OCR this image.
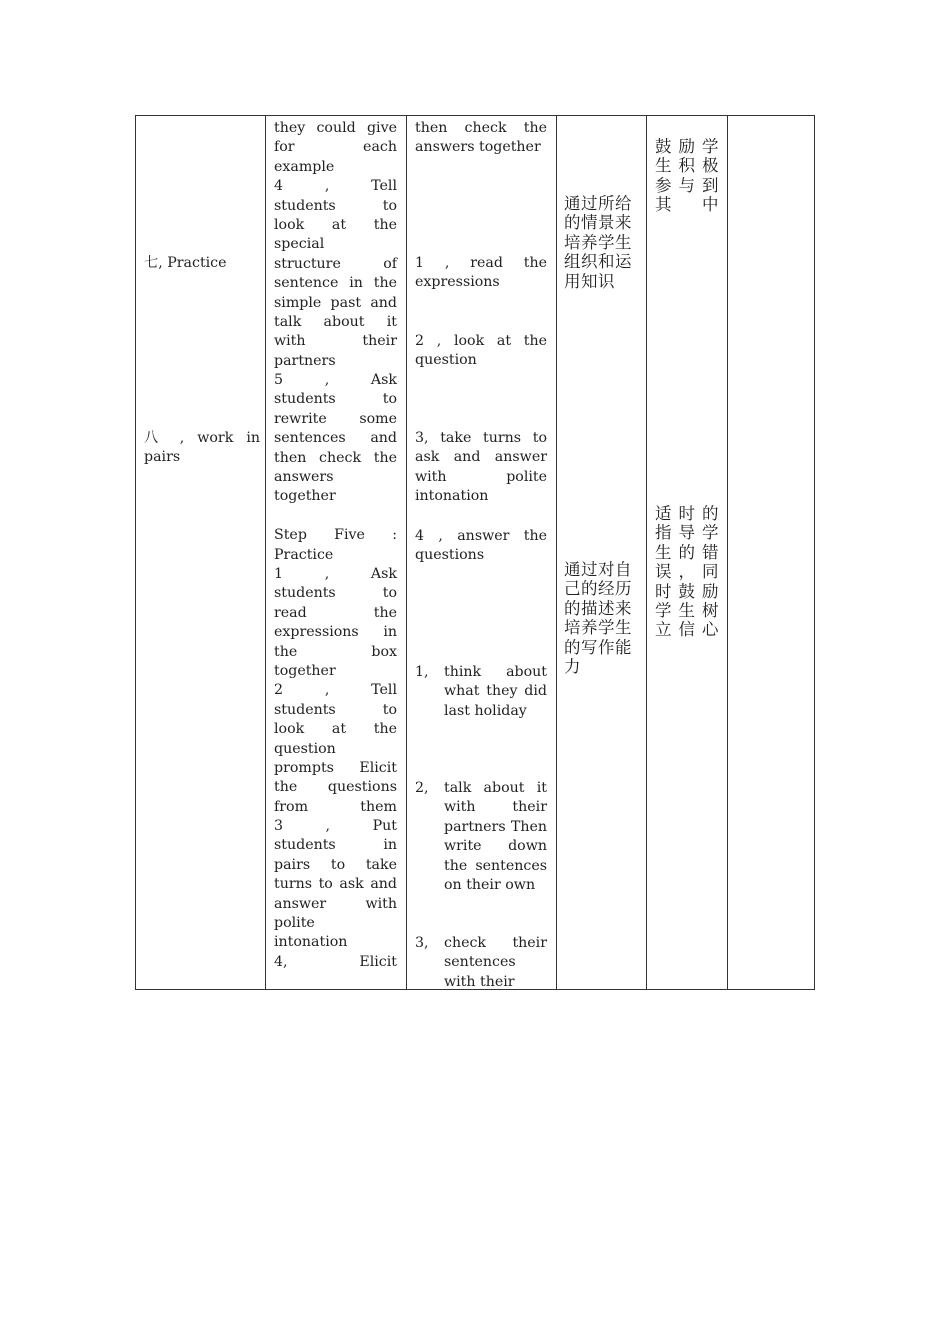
七, Practice
八 , work in pairs
they could give
for each
example
4 , Tell
students to
look at the
special
structure of
sentence in the
simple past and
talk about it
with their
partners
5 , Ask
students to
rewrite some
sentences and
then check the
answers
together
Step Five :
Practice
1 , Ask
students to
read the
expressions in
the box
together
2 , Tell
students to
look at the
question
prompts Elicit
the questions
from them
3 , Put
students in
pairs to take
turns to ask and
answer with
polite
intonation
4, Elicit
then check the answers together
1 , read the expressions
2 , look at the question
3, take turns to ask and answer with polite intonation
4 , answer the questions
1, think about what they did last holiday
2, talk about it with their partners Then write down the sentences on their own
3, check their sentences with their
通过所给的情景来培养学生组织和运用知识
通过对自己的经历的描述来培养学生的写作能力
鼓励学生积极参与到其中
适时的指导学生的错误，同时鼓励学生树立信心
